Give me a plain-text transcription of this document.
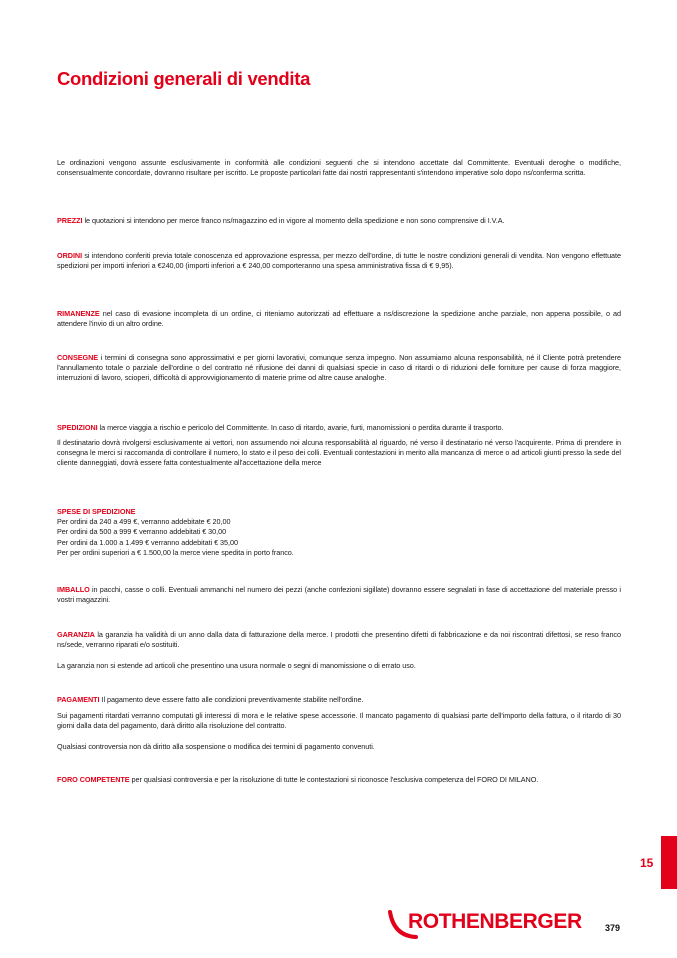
Condizioni generali di vendita

Le ordinazioni vengono assunte esclusivamente in conformità alle condizioni seguenti che si intendono accettate dal Committente. Eventuali deroghe o modifiche, consensualmente concordate, dovranno risultare per iscritto. Le proposte particolari fatte dai nostri rappresentanti s'intendono imperative solo dopo ns/conferma scritta.

PREZZI le quotazioni si intendono per merce franco ns/magazzino ed in vigore al momento della spedizione e non sono comprensive di I.V.A.

ORDINI si intendono conferiti previa totale conoscenza ed approvazione espressa, per mezzo dell'ordine, di tutte le nostre condizioni generali di vendita. Non vengono effettuate spedizioni per importi inferiori a €240,00 (importi inferiori a € 240,00 comporteranno una spesa amministrativa fissa di € 9,95).

RIMANENZE nel caso di evasione incompleta di un ordine, ci riteniamo autorizzati ad effettuare a ns/discrezione la spedizione anche parziale, non appena possibile, o ad attendere l'invio di un altro ordine.

CONSEGNE i termini di consegna sono approssimativi e per giorni lavorativi, comunque senza impegno. Non assumiamo alcuna responsabilità, né il Cliente potrà pretendere l'annullamento totale o parziale dell'ordine o del contratto né rifusione dei danni di qualsiasi specie in caso di ritardi o di riduzioni delle forniture per cause di forza maggiore, interruzioni di lavoro, scioperi, difficoltà di approvvigionamento di materie prime od altre cause analoghe.

SPEDIZIONI la merce viaggia a rischio e pericolo del Committente. In caso di ritardo, avarie, furti, manomissioni o perdita durante il trasporto.

Il destinatario dovrà rivolgersi esclusivamente ai vettori, non assumendo noi alcuna responsabilità al riguardo, né verso il destinatario né verso l'acquirente. Prima di prendere in consegna le merci si raccomanda di controllare il numero, lo stato e il peso dei colli. Eventuali contestazioni in merito alla mancanza di merce o ad articoli giunti presso la sede del cliente danneggiati, dovrà essere fatta contestualmente all'accettazione della merce

SPESE DI SPEDIZIONE
Per ordini da 240 a 499 €, verranno addebitate € 20,00
Per ordini da 500 a 999 € verranno addebitati € 30,00
Per ordini da 1.000 a 1.499 € verranno addebitati € 35,00
Per per ordini superiori a € 1.500,00 la merce viene spedita in porto franco.

IMBALLO in pacchi, casse o colli. Eventuali ammanchi nel numero dei pezzi (anche confezioni sigillate) dovranno essere segnalati in fase di accettazione del materiale presso i vostri magazzini.

GARANZIA la garanzia ha validità di un anno dalla data di fatturazione della merce. I prodotti che presentino difetti di fabbricazione e da noi riscontrati difettosi, se reso franco ns/sede, verranno riparati e/o sostituiti.

La garanzia non si estende ad articoli che presentino una usura normale o segni di manomissione o di errato uso.

PAGAMENTI Il pagamento deve essere fatto alle condizioni preventivamente stabilite nell'ordine.

Sui pagamenti ritardati verranno computati gli interessi di mora e le relative spese accessorie. Il mancato pagamento di qualsiasi parte dell'importo della fattura, o il ritardo di 30 giorni dalla data del pagamento, darà diritto alla risoluzione del contratto.

Qualsiasi controversia non dà diritto alla sospensione o modifica dei termini di pagamento convenuti.

FORO COMPETENTE per qualsiasi controversia e per la risoluzione di tutte le contestazioni si riconosce l'esclusiva competenza del FORO DI MILANO.

15
ROTHENBERGER	379
